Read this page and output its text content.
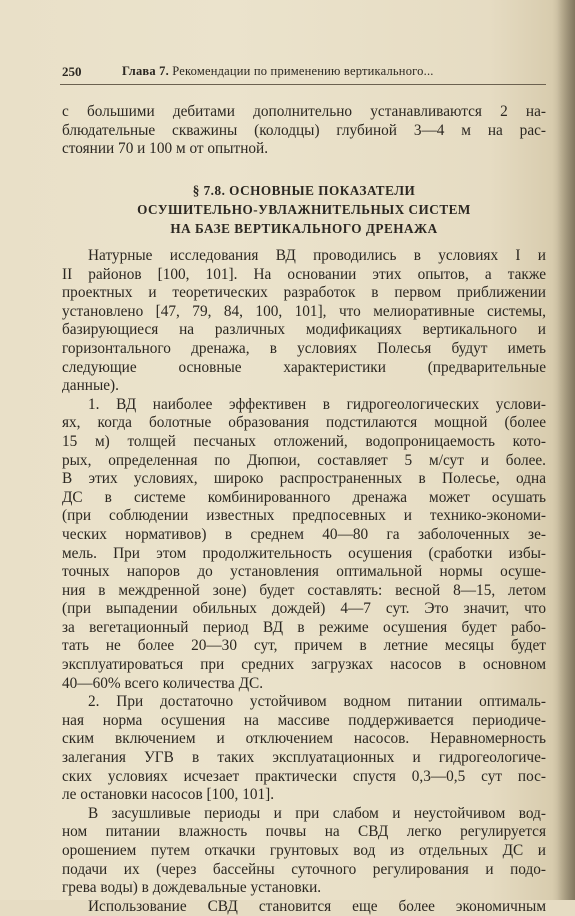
250	Глава 7. Рекомендации по применению вертикального...
с большими дебитами дополнительно устанавливаются 2 на-
блюдательные скважины (колодцы) глубиной 3—4 м на рас-
стоянии 70 и 100 м от опытной.
§ 7.8. ОСНОВНЫЕ ПОКАЗАТЕЛИ
ОСУШИТЕЛЬНО-УВЛАЖНИТЕЛЬНЫХ СИСТЕМ
НА БАЗЕ ВЕРТИКАЛЬНОГО ДРЕНАЖА
Натурные исследования ВД проводились в условиях I и
II районов [100, 101]. На основании этих опытов, а также
проектных и теоретических разработок в первом приближении
установлено [47, 79, 84, 100, 101], что мелиоративные системы,
базирующиеся на различных модификациях вертикального и
горизонтального дренажа, в условиях Полесья будут иметь
следующие основные характеристики (предварительные
данные).
1. ВД наиболее эффективен в гидрогеологических услови-
ях, когда болотные образования подстилаются мощной (более
15 м) толщей песчаных отложений, водопроницаемость кото-
рых, определенная по Дюпюи, составляет 5 м/сут и более.
В этих условиях, широко распространенных в Полесье, одна
ДС в системе комбинированного дренажа может осушать
(при соблюдении известных предпосевных и технико-экономи-
ческих нормативов) в среднем 40—80 га заболоченных зе-
мель. При этом продолжительность осушения (сработки избы-
точных напоров до установления оптимальной нормы осуше-
ния в междренной зоне) будет составлять: весной 8—15, летом
(при выпадении обильных дождей) 4—7 сут. Это значит, что
за вегетационный период ВД в режиме осушения будет рабо-
тать не более 20—30 сут, причем в летние месяцы будет
эксплуатироваться при средних загрузках насосов в основном
40—60% всего количества ДС.
2. При достаточно устойчивом водном питании оптималь-
ная норма осушения на массиве поддерживается периодиче-
ским включением и отключением насосов. Неравномерность
залегания УГВ в таких эксплуатационных и гидрогеологиче-
ских условиях исчезает практически спустя 0,3—0,5 сут пос-
ле остановки насосов [100, 101].
В засушливые периоды и при слабом и неустойчивом вод-
ном питании влажность почвы на СВД легко регулируется
орошением путем откачки грунтовых вод из отдельных ДС и
подачи их (через бассейны суточного регулирования и подо-
грева воды) в дождевальные установки.
Использование СВД становится еще более экономичным
